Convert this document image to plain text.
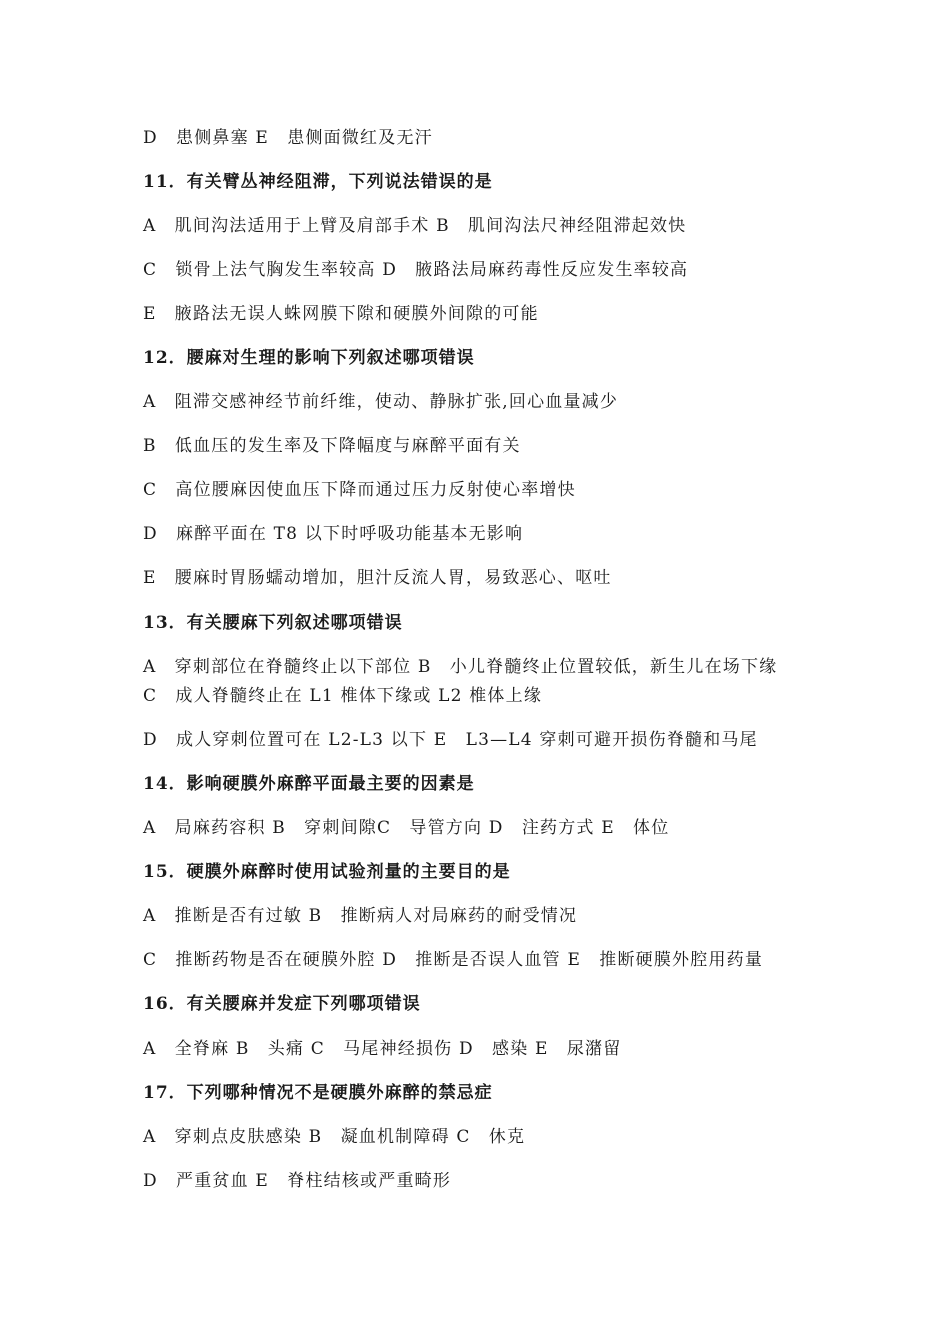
D　患侧鼻塞 E　患侧面微红及无汗
11．有关臂丛神经阻滞，下列说法错误的是
A　肌间沟法适用于上臂及肩部手术 B　肌间沟法尺神经阻滞起效快
C　锁骨上法气胸发生率较高 D　腋路法局麻药毒性反应发生率较高
E　腋路法无误人蛛网膜下隙和硬膜外间隙的可能
12．腰麻对生理的影响下列叙述哪项错误
A　阻滞交感神经节前纤维，使动、静脉扩张,回心血量减少
B　低血压的发生率及下降幅度与麻醉平面有关
C　高位腰麻因使血压下降而通过压力反射使心率增快
D　麻醉平面在 T8 以下时呼吸功能基本无影响
E　腰麻时胃肠蠕动增加，胆汁反流人胃，易致恶心、呕吐
13．有关腰麻下列叙述哪项错误
A　穿刺部位在脊髓终止以下部位 B　小儿脊髓终止位置较低，新生儿在场下缘
C　成人脊髓终止在 L1 椎体下缘或 L2 椎体上缘
D　成人穿刺位置可在 L2-L3 以下 E　L3—L4 穿刺可避开损伤脊髓和马尾
14．影响硬膜外麻醉平面最主要的因素是
A　局麻药容积 B　穿刺间隙C　导管方向 D　注药方式 E　体位
15．硬膜外麻醉时使用试验剂量的主要目的是
A　推断是否有过敏 B　推断病人对局麻药的耐受情况
C　推断药物是否在硬膜外腔 D　推断是否误人血管 E　推断硬膜外腔用药量
16．有关腰麻并发症下列哪项错误
A　全脊麻 B　头痛 C　马尾神经损伤 D　感染 E　尿潴留
17．下列哪种情况不是硬膜外麻醉的禁忌症
A　穿刺点皮肤感染 B　凝血机制障碍 C　休克
D　严重贫血 E　脊柱结核或严重畸形
